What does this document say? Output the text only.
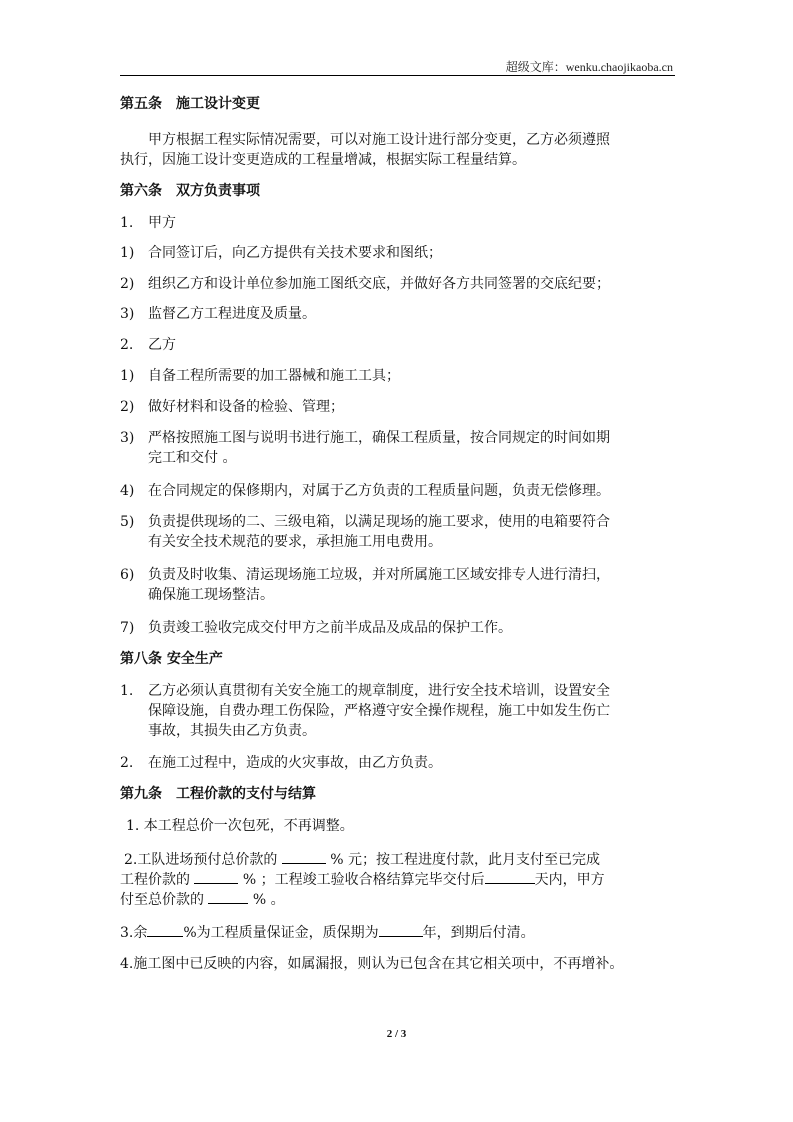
超级文库：wenku.chaojikaoba.cn
第五条　施工设计变更
甲方根据工程实际情况需要，可以对施工设计进行部分变更，乙方必须遵照
执行，因施工设计变更造成的工程量增减，根据实际工程量结算。
第六条　双方负责事项
1. 甲方
1) 合同签订后，向乙方提供有关技术要求和图纸；
2) 组织乙方和设计单位参加施工图纸交底，并做好各方共同签署的交底纪要；
3) 监督乙方工程进度及质量。
2. 乙方
1) 自备工程所需要的加工器械和施工工具；
2) 做好材料和设备的检验、管理；
3) 严格按照施工图与说明书进行施工，确保工程质量，按合同规定的时间如期
完工和交付 。
4) 在合同规定的保修期内，对属于乙方负责的工程质量问题，负责无偿修理。
5) 负责提供现场的二、三级电箱，以满足现场的施工要求，使用的电箱要符合
有关安全技术规范的要求，承担施工用电费用。
6) 负责及时收集、清运现场施工垃圾，并对所属施工区域安排专人进行清扫，
确保施工现场整洁。
7) 负责竣工验收完成交付甲方之前半成品及成品的保护工作。
第八条 安全生产
1. 乙方必须认真贯彻有关安全施工的规章制度，进行安全技术培训，设置安全
保障设施，自费办理工伤保险，严格遵守安全操作规程，施工中如发生伤亡
事故，其损失由乙方负责。
2. 在施工过程中，造成的火灾事故，由乙方负责。
第九条　工程价款的支付与结算
1. 本工程总价一次包死，不再调整。
2.工队进场预付总价款的	% 元；按工程进度付款，此月支付至已完成
工程价款的	% ；工程竣工验收合格结算完毕交付后	天内，甲方
付至总价款的	% 。
3.余	%为工程质量保证金，质保期为	年，到期后付清。
4.施工图中已反映的内容，如属漏报，则认为已包含在其它相关项中，不再增补。
2 / 3
